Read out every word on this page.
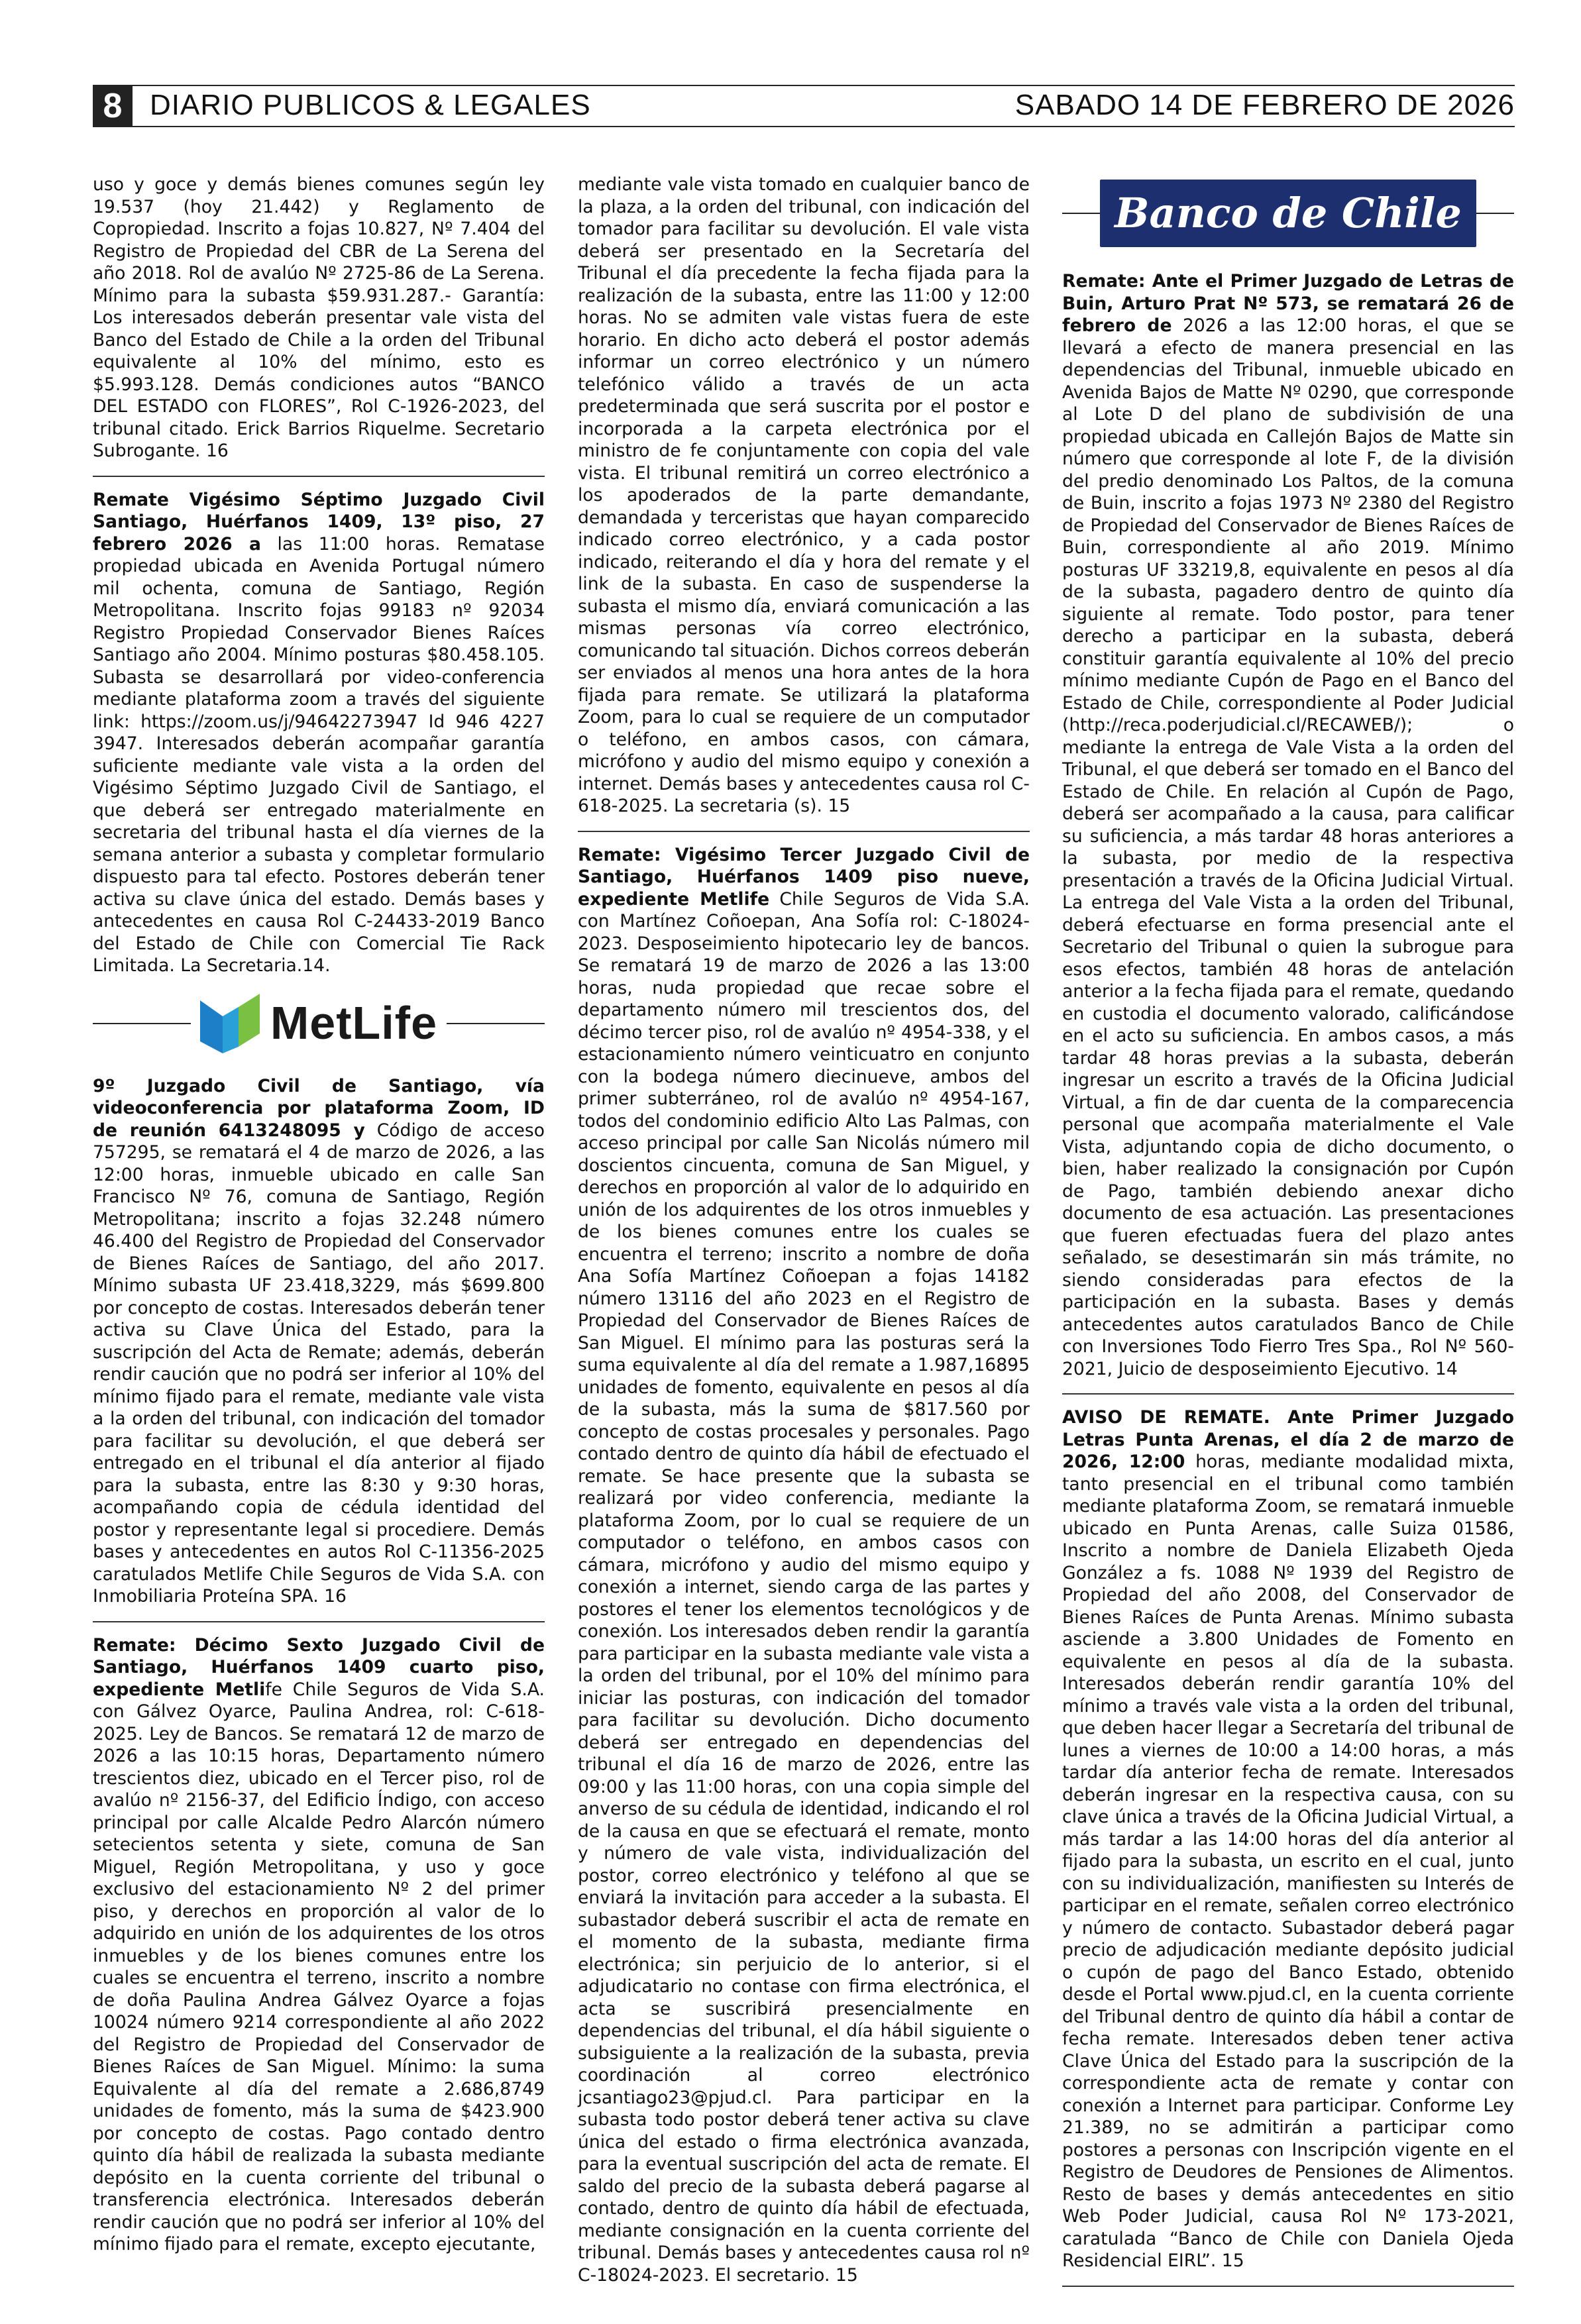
8 DIARIO PUBLICOS & LEGALES	SABADO 14 DE FEBRERO DE 2026

uso y goce y demás bienes comunes según ley 19.537 (hoy 21.442) y Reglamento de Copropiedad. Inscrito a fojas 10.827, Nº 7.404 del Registro de Propiedad del CBR de La Serena del año 2018. Rol de avalúo Nº 2725-86 de La Serena. Mínimo para la subasta $59.931.287.- Garantía: Los interesados deberán presentar vale vista del Banco del Estado de Chile a la orden del Tribunal equivalente al 10% del mínimo, esto es $5.993.128. Demás condiciones autos “BANCO DEL ESTADO con FLORES”, Rol C-1926-2023, del tribunal citado. Erick Barrios Riquelme. Secretario Subrogante. 16

Remate Vigésimo Séptimo Juzgado Civil Santiago, Huérfanos 1409, 13º piso, 27 febrero 2026 a las 11:00 horas. Rematase propiedad ubicada en Avenida Portugal número mil ochenta, comuna de Santiago, Región Metropolitana. Inscrito fojas 99183 nº 92034 Registro Propiedad Conservador Bienes Raíces Santiago año 2004. Mínimo posturas $80.458.105. Subasta se desarrollará por video-conferencia mediante plataforma zoom a través del siguiente link: https://zoom.us/j/94642273947 Id 946 4227 3947. Interesados deberán acompañar garantía suficiente mediante vale vista a la orden del Vigésimo Séptimo Juzgado Civil de Santiago, el que deberá ser entregado materialmente en secretaria del tribunal hasta el día viernes de la semana anterior a subasta y completar formulario dispuesto para tal efecto. Postores deberán tener activa su clave única del estado. Demás bases y antecedentes en causa Rol C-24433-2019 Banco del Estado de Chile con Comercial Tie Rack Limitada. La Secretaria.14.

MetLife

9º Juzgado Civil de Santiago, vía videoconferencia por plataforma Zoom, ID de reunión 6413248095 y Código de acceso 757295, se rematará el 4 de marzo de 2026, a las 12:00 horas, inmueble ubicado en calle San Francisco Nº 76, comuna de Santiago, Región Metropolitana; inscrito a fojas 32.248 número 46.400 del Registro de Propiedad del Conservador de Bienes Raíces de Santiago, del año 2017. Mínimo subasta UF 23.418,3229, más $699.800 por concepto de costas. Interesados deberán tener activa su Clave Única del Estado, para la suscripción del Acta de Remate; además, deberán rendir caución que no podrá ser inferior al 10% del mínimo fijado para el remate, mediante vale vista a la orden del tribunal, con indicación del tomador para facilitar su devolución, el que deberá ser entregado en el tribunal el día anterior al fijado para la subasta, entre las 8:30 y 9:30 horas, acompañando copia de cédula identidad del postor y representante legal si procediere. Demás bases y antecedentes en autos Rol C-11356-2025 caratulados Metlife Chile Seguros de Vida S.A. con Inmobiliaria Proteína SPA. 16

Remate: Décimo Sexto Juzgado Civil de Santiago, Huérfanos 1409 cuarto piso, expediente Metlife Chile Seguros de Vida S.A. con Gálvez Oyarce, Paulina Andrea, rol: C-618-2025. Ley de Bancos. Se rematará 12 de marzo de 2026 a las 10:15 horas, Departamento número trescientos diez, ubicado en el Tercer piso, rol de avalúo nº 2156-37, del Edificio Índigo, con acceso principal por calle Alcalde Pedro Alarcón número setecientos setenta y siete, comuna de San Miguel, Región Metropolitana, y uso y goce exclusivo del estacionamiento Nº 2 del primer piso, y derechos en proporción al valor de lo adquirido en unión de los adquirentes de los otros inmuebles y de los bienes comunes entre los cuales se encuentra el terreno, inscrito a nombre de doña Paulina Andrea Gálvez Oyarce a fojas 10024 número 9214 correspondiente al año 2022 del Registro de Propiedad del Conservador de Bienes Raíces de San Miguel. Mínimo: la suma Equivalente al día del remate a 2.686,8749 unidades de fomento, más la suma de $423.900 por concepto de costas. Pago contado dentro quinto día hábil de realizada la subasta mediante depósito en la cuenta corriente del tribunal o transferencia electrónica. Interesados deberán rendir caución que no podrá ser inferior al 10% del mínimo fijado para el remate, excepto ejecutante,

mediante vale vista tomado en cualquier banco de la plaza, a la orden del tribunal, con indicación del tomador para facilitar su devolución. El vale vista deberá ser presentado en la Secretaría del Tribunal el día precedente la fecha fijada para la realización de la subasta, entre las 11:00 y 12:00 horas. No se admiten vale vistas fuera de este horario. En dicho acto deberá el postor además informar un correo electrónico y un número telefónico válido a través de un acta predeterminada que será suscrita por el postor e incorporada a la carpeta electrónica por el ministro de fe conjuntamente con copia del vale vista. El tribunal remitirá un correo electrónico a los apoderados de la parte demandante, demandada y terceristas que hayan comparecido indicado correo electrónico, y a cada postor indicado, reiterando el día y hora del remate y el link de la subasta. En caso de suspenderse la subasta el mismo día, enviará comunicación a las mismas personas vía correo electrónico, comunicando tal situación. Dichos correos deberán ser enviados al menos una hora antes de la hora fijada para remate. Se utilizará la plataforma Zoom, para lo cual se requiere de un computador o teléfono, en ambos casos, con cámara, micrófono y audio del mismo equipo y conexión a internet. Demás bases y antecedentes causa rol C-618-2025. La secretaria (s). 15

Remate: Vigésimo Tercer Juzgado Civil de Santiago, Huérfanos 1409 piso nueve, expediente Metlife Chile Seguros de Vida S.A. con Martínez Coñoepan, Ana Sofía rol: C-18024-2023. Desposeimiento hipotecario ley de bancos. Se rematará 19 de marzo de 2026 a las 13:00 horas, nuda propiedad que recae sobre el departamento número mil trescientos dos, del décimo tercer piso, rol de avalúo nº 4954-338, y el estacionamiento número veinticuatro en conjunto con la bodega número diecinueve, ambos del primer subterráneo, rol de avalúo nº 4954-167, todos del condominio edificio Alto Las Palmas, con acceso principal por calle San Nicolás número mil doscientos cincuenta, comuna de San Miguel, y derechos en proporción al valor de lo adquirido en unión de los adquirentes de los otros inmuebles y de los bienes comunes entre los cuales se encuentra el terreno; inscrito a nombre de doña Ana Sofía Martínez Coñoepan a fojas 14182 número 13116 del año 2023 en el Registro de Propiedad del Conservador de Bienes Raíces de San Miguel. El mínimo para las posturas será la suma equivalente al día del remate a 1.987,16895 unidades de fomento, equivalente en pesos al día de la subasta, más la suma de $817.560 por concepto de costas procesales y personales. Pago contado dentro de quinto día hábil de efectuado el remate. Se hace presente que la subasta se realizará por video conferencia, mediante la plataforma Zoom, por lo cual se requiere de un computador o teléfono, en ambos casos con cámara, micrófono y audio del mismo equipo y conexión a internet, siendo carga de las partes y postores el tener los elementos tecnológicos y de conexión. Los interesados deben rendir la garantía para participar en la subasta mediante vale vista a la orden del tribunal, por el 10% del mínimo para iniciar las posturas, con indicación del tomador para facilitar su devolución. Dicho documento deberá ser entregado en dependencias del tribunal el día 16 de marzo de 2026, entre las 09:00 y las 11:00 horas, con una copia simple del anverso de su cédula de identidad, indicando el rol de la causa en que se efectuará el remate, monto y número de vale vista, individualización del postor, correo electrónico y teléfono al que se enviará la invitación para acceder a la subasta. El subastador deberá suscribir el acta de remate en el momento de la subasta, mediante firma electrónica; sin perjuicio de lo anterior, si el adjudicatario no contase con firma electrónica, el acta se suscribirá presencialmente en dependencias del tribunal, el día hábil siguiente o subsiguiente a la realización de la subasta, previa coordinación al correo electrónico jcsantiago23@pjud.cl. Para participar en la subasta todo postor deberá tener activa su clave única del estado o firma electrónica avanzada, para la eventual suscripción del acta de remate. El saldo del precio de la subasta deberá pagarse al contado, dentro de quinto día hábil de efectuada, mediante consignación en la cuenta corriente del tribunal. Demás bases y antecedentes causa rol nº C-18024-2023. El secretario. 15

Banco de Chile

Remate: Ante el Primer Juzgado de Letras de Buin, Arturo Prat Nº 573, se rematará 26 de febrero de 2026 a las 12:00 horas, el que se llevará a efecto de manera presencial en las dependencias del Tribunal, inmueble ubicado en Avenida Bajos de Matte Nº 0290, que corresponde al Lote D del plano de subdivisión de una propiedad ubicada en Callejón Bajos de Matte sin número que corresponde al lote F, de la división del predio denominado Los Paltos, de la comuna de Buin, inscrito a fojas 1973 Nº 2380 del Registro de Propiedad del Conservador de Bienes Raíces de Buin, correspondiente al año 2019. Mínimo posturas UF 33219,8, equivalente en pesos al día de la subasta, pagadero dentro de quinto día siguiente al remate. Todo postor, para tener derecho a participar en la subasta, deberá constituir garantía equivalente al 10% del precio mínimo mediante Cupón de Pago en el Banco del Estado de Chile, correspondiente al Poder Judicial (http://reca.poderjudicial.cl/RECAWEB/); o mediante la entrega de Vale Vista a la orden del Tribunal, el que deberá ser tomado en el Banco del Estado de Chile. En relación al Cupón de Pago, deberá ser acompañado a la causa, para calificar su suficiencia, a más tardar 48 horas anteriores a la subasta, por medio de la respectiva presentación a través de la Oficina Judicial Virtual. La entrega del Vale Vista a la orden del Tribunal, deberá efectuarse en forma presencial ante el Secretario del Tribunal o quien la subrogue para esos efectos, también 48 horas de antelación anterior a la fecha fijada para el remate, quedando en custodia el documento valorado, calificándose en el acto su suficiencia. En ambos casos, a más tardar 48 horas previas a la subasta, deberán ingresar un escrito a través de la Oficina Judicial Virtual, a fin de dar cuenta de la comparecencia personal que acompaña materialmente el Vale Vista, adjuntando copia de dicho documento, o bien, haber realizado la consignación por Cupón de Pago, también debiendo anexar dicho documento de esa actuación. Las presentaciones que fueren efectuadas fuera del plazo antes señalado, se desestimarán sin más trámite, no siendo consideradas para efectos de la participación en la subasta. Bases y demás antecedentes autos caratulados Banco de Chile con Inversiones Todo Fierro Tres Spa., Rol Nº 560-2021, Juicio de desposeimiento Ejecutivo. 14

AVISO DE REMATE. Ante Primer Juzgado Letras Punta Arenas, el día 2 de marzo de 2026, 12:00 horas, mediante modalidad mixta, tanto presencial en el tribunal como también mediante plataforma Zoom, se rematará inmueble ubicado en Punta Arenas, calle Suiza 01586, Inscrito a nombre de Daniela Elizabeth Ojeda González a fs. 1088 Nº 1939 del Registro de Propiedad del año 2008, del Conservador de Bienes Raíces de Punta Arenas. Mínimo subasta asciende a 3.800 Unidades de Fomento en equivalente en pesos al día de la subasta. Interesados deberán rendir garantía 10% del mínimo a través vale vista a la orden del tribunal, que deben hacer llegar a Secretaría del tribunal de lunes a viernes de 10:00 a 14:00 horas, a más tardar día anterior fecha de remate. Interesados deberán ingresar en la respectiva causa, con su clave única a través de la Oficina Judicial Virtual, a más tardar a las 14:00 horas del día anterior al fijado para la subasta, un escrito en el cual, junto con su individualización, manifiesten su Interés de participar en el remate, señalen correo electrónico y número de contacto. Subastador deberá pagar precio de adjudicación mediante depósito judicial o cupón de pago del Banco Estado, obtenido desde el Portal www.pjud.cl, en la cuenta corriente del Tribunal dentro de quinto día hábil a contar de fecha remate. Interesados deben tener activa Clave Única del Estado para la suscripción de la correspondiente acta de remate y contar con conexión a Internet para participar. Conforme Ley 21.389, no se admitirán a participar como postores a personas con Inscripción vigente en el Registro de Deudores de Pensiones de Alimentos. Resto de bases y demás antecedentes en sitio Web Poder Judicial, causa Rol Nº 173-2021, caratulada “Banco de Chile con Daniela Ojeda Residencial EIRL”. 15
